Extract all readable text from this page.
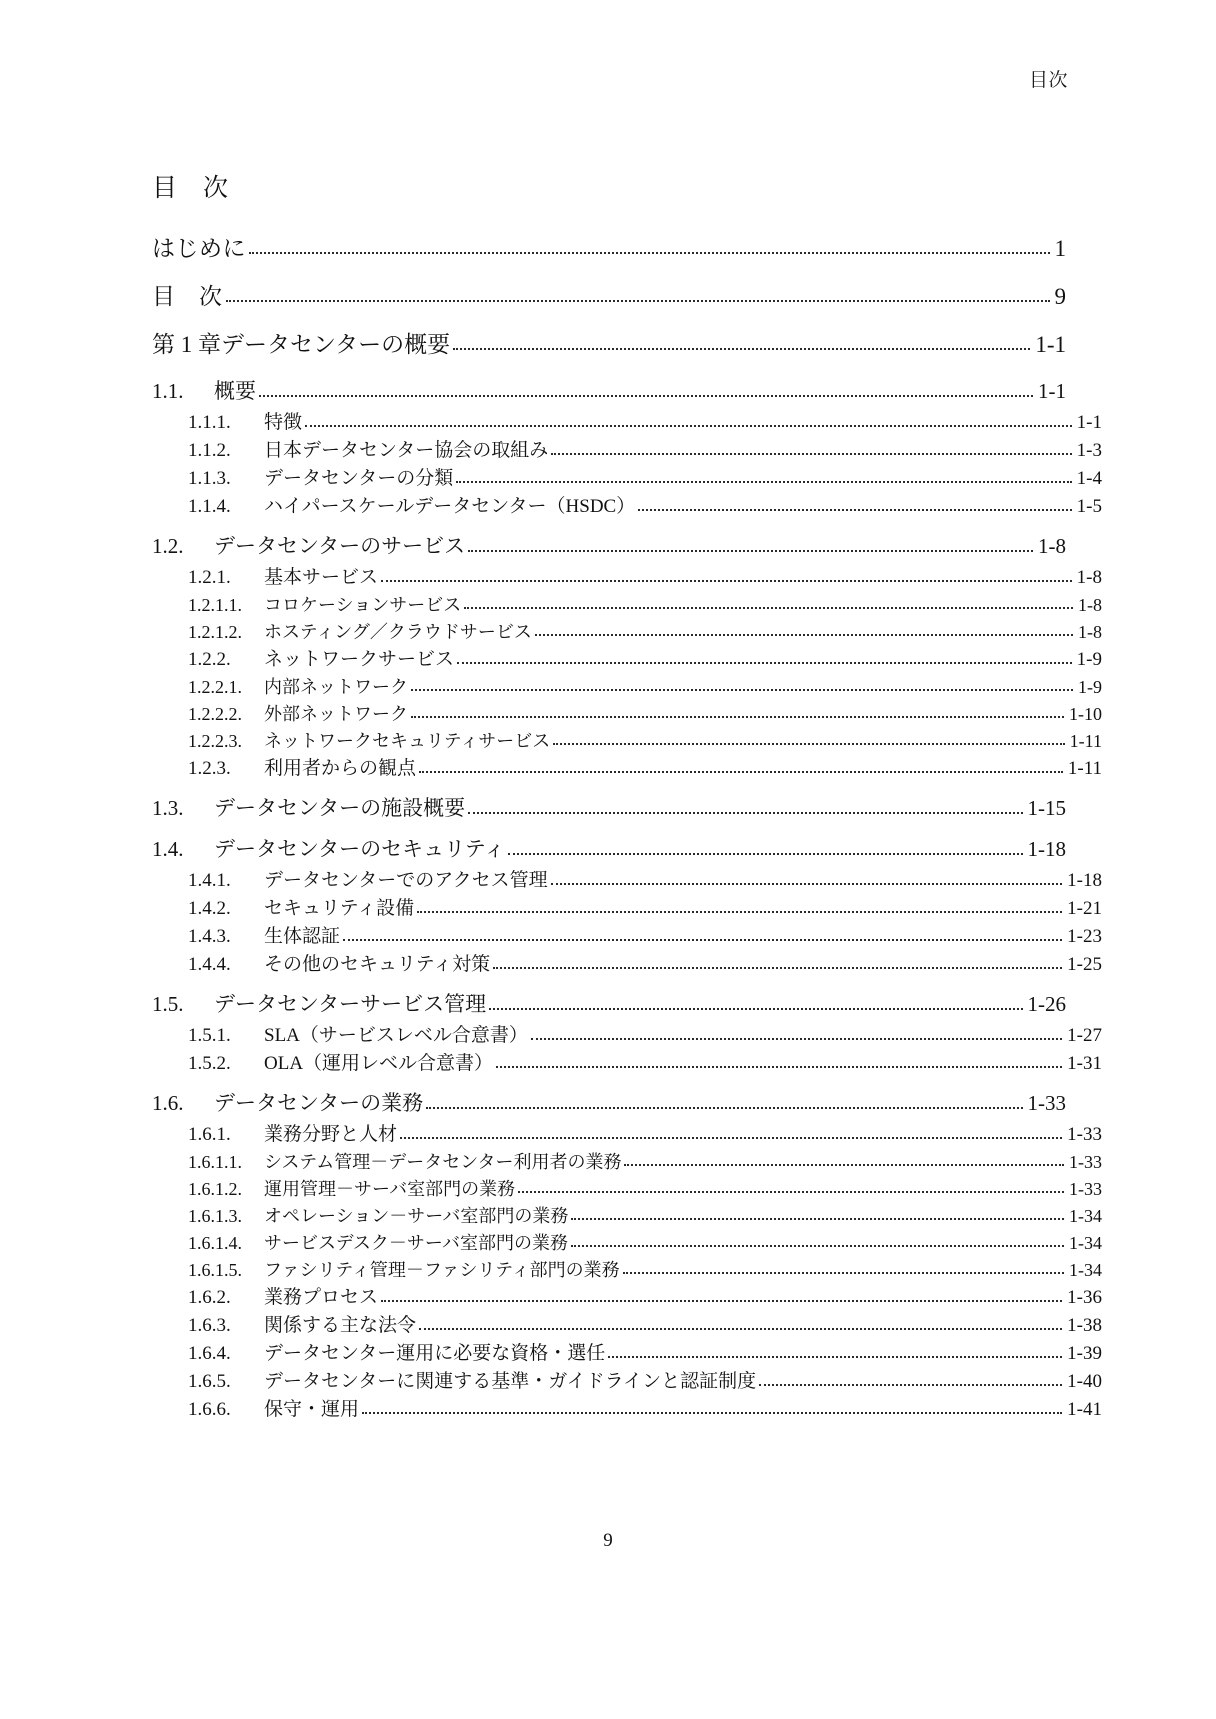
目次
目　次
はじめに	1
目　次	9
第 1 章 データセンターの概要	1-1
1.1.	概要	1-1
1.1.1.	特徴	1-1
1.1.2.	日本データセンター協会の取組み	1-3
1.1.3.	データセンターの分類	1-4
1.1.4.	ハイパースケールデータセンター（HSDC）	1-5
1.2.	データセンターのサービス	1-8
1.2.1.	基本サービス	1-8
1.2.1.1.	コロケーションサービス	1-8
1.2.1.2.	ホスティング／クラウドサービス	1-8
1.2.2.	ネットワークサービス	1-9
1.2.2.1.	内部ネットワーク	1-9
1.2.2.2.	外部ネットワーク	1-10
1.2.2.3.	ネットワークセキュリティサービス	1-11
1.2.3.	利用者からの観点	1-11
1.3.	データセンターの施設概要	1-15
1.4.	データセンターのセキュリティ	1-18
1.4.1.	データセンターでのアクセス管理	1-18
1.4.2.	セキュリティ設備	1-21
1.4.3.	生体認証	1-23
1.4.4.	その他のセキュリティ対策	1-25
1.5.	データセンターサービス管理	1-26
1.5.1.	SLA（サービスレベル合意書）	1-27
1.5.2.	OLA（運用レベル合意書）	1-31
1.6.	データセンターの業務	1-33
1.6.1.	業務分野と人材	1-33
1.6.1.1.	システム管理－データセンター利用者の業務	1-33
1.6.1.2.	運用管理－サーバ室部門の業務	1-33
1.6.1.3.	オペレーション－サーバ室部門の業務	1-34
1.6.1.4.	サービスデスク－サーバ室部門の業務	1-34
1.6.1.5.	ファシリティ管理－ファシリティ部門の業務	1-34
1.6.2.	業務プロセス	1-36
1.6.3.	関係する主な法令	1-38
1.6.4.	データセンター運用に必要な資格・選任	1-39
1.6.5.	データセンターに関連する基準・ガイドラインと認証制度	1-40
1.6.6.	保守・運用	1-41
9
